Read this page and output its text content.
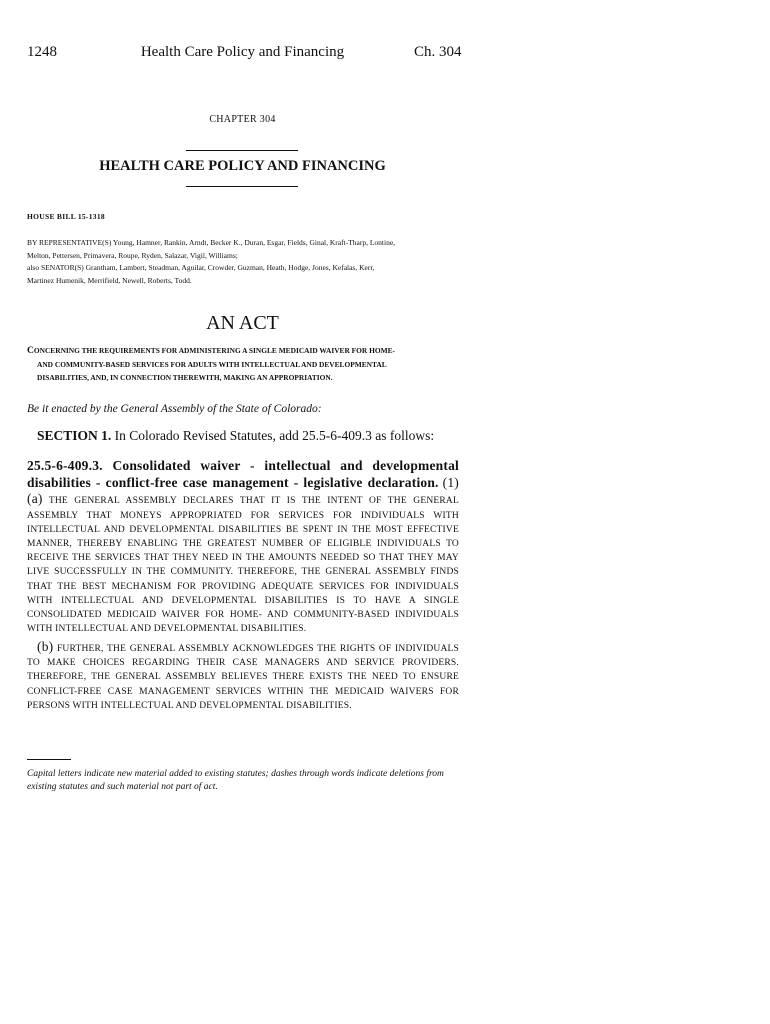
1248	Health Care Policy and Financing	Ch. 304
CHAPTER 304
HEALTH CARE POLICY AND FINANCING
HOUSE BILL 15-1318
BY REPRESENTATIVE(S) Young, Hamner, Rankin, Arndt, Becker K., Duran, Esgar, Fields, Ginal, Kraft-Tharp, Lontine,
Melton, Pettersen, Primavera, Roupe, Ryden, Salazar, Vigil, Williams;
also SENATOR(S) Grantham, Lambert, Steadman, Aguilar, Crowder, Guzman, Heath, Hodge, Jones, Kefalas, Kerr,
Martinez Humenik, Merrifield, Newell, Roberts, Todd.
AN ACT
CONCERNING THE REQUIREMENTS FOR ADMINISTERING A SINGLE MEDICAID WAIVER FOR HOME-
AND COMMUNITY-BASED SERVICES FOR ADULTS WITH INTELLECTUAL AND DEVELOPMENTAL
DISABILITIES, AND, IN CONNECTION THEREWITH, MAKING AN APPROPRIATION.
Be it enacted by the General Assembly of the State of Colorado:
SECTION 1. In Colorado Revised Statutes, add 25.5-6-409.3 as follows:
25.5-6-409.3. Consolidated waiver - intellectual and developmental disabilities - conflict-free case management - legislative declaration. (1) (a) THE GENERAL ASSEMBLY DECLARES THAT IT IS THE INTENT OF THE GENERAL ASSEMBLY THAT MONEYS APPROPRIATED FOR SERVICES FOR INDIVIDUALS WITH INTELLECTUAL AND DEVELOPMENTAL DISABILITIES BE SPENT IN THE MOST EFFECTIVE MANNER, THEREBY ENABLING THE GREATEST NUMBER OF ELIGIBLE INDIVIDUALS TO RECEIVE THE SERVICES THAT THEY NEED IN THE AMOUNTS NEEDED SO THAT THEY MAY LIVE SUCCESSFULLY IN THE COMMUNITY. THEREFORE, THE GENERAL ASSEMBLY FINDS THAT THE BEST MECHANISM FOR PROVIDING ADEQUATE SERVICES FOR INDIVIDUALS WITH INTELLECTUAL AND DEVELOPMENTAL DISABILITIES IS TO HAVE A SINGLE CONSOLIDATED MEDICAID WAIVER FOR HOME- AND COMMUNITY-BASED INDIVIDUALS WITH INTELLECTUAL AND DEVELOPMENTAL DISABILITIES.
(b) FURTHER, THE GENERAL ASSEMBLY ACKNOWLEDGES THE RIGHTS OF INDIVIDUALS TO MAKE CHOICES REGARDING THEIR CASE MANAGERS AND SERVICE PROVIDERS. THEREFORE, THE GENERAL ASSEMBLY BELIEVES THERE EXISTS THE NEED TO ENSURE CONFLICT-FREE CASE MANAGEMENT SERVICES WITHIN THE MEDICAID WAIVERS FOR PERSONS WITH INTELLECTUAL AND DEVELOPMENTAL DISABILITIES.
Capital letters indicate new material added to existing statutes; dashes through words indicate deletions from existing statutes and such material not part of act.
